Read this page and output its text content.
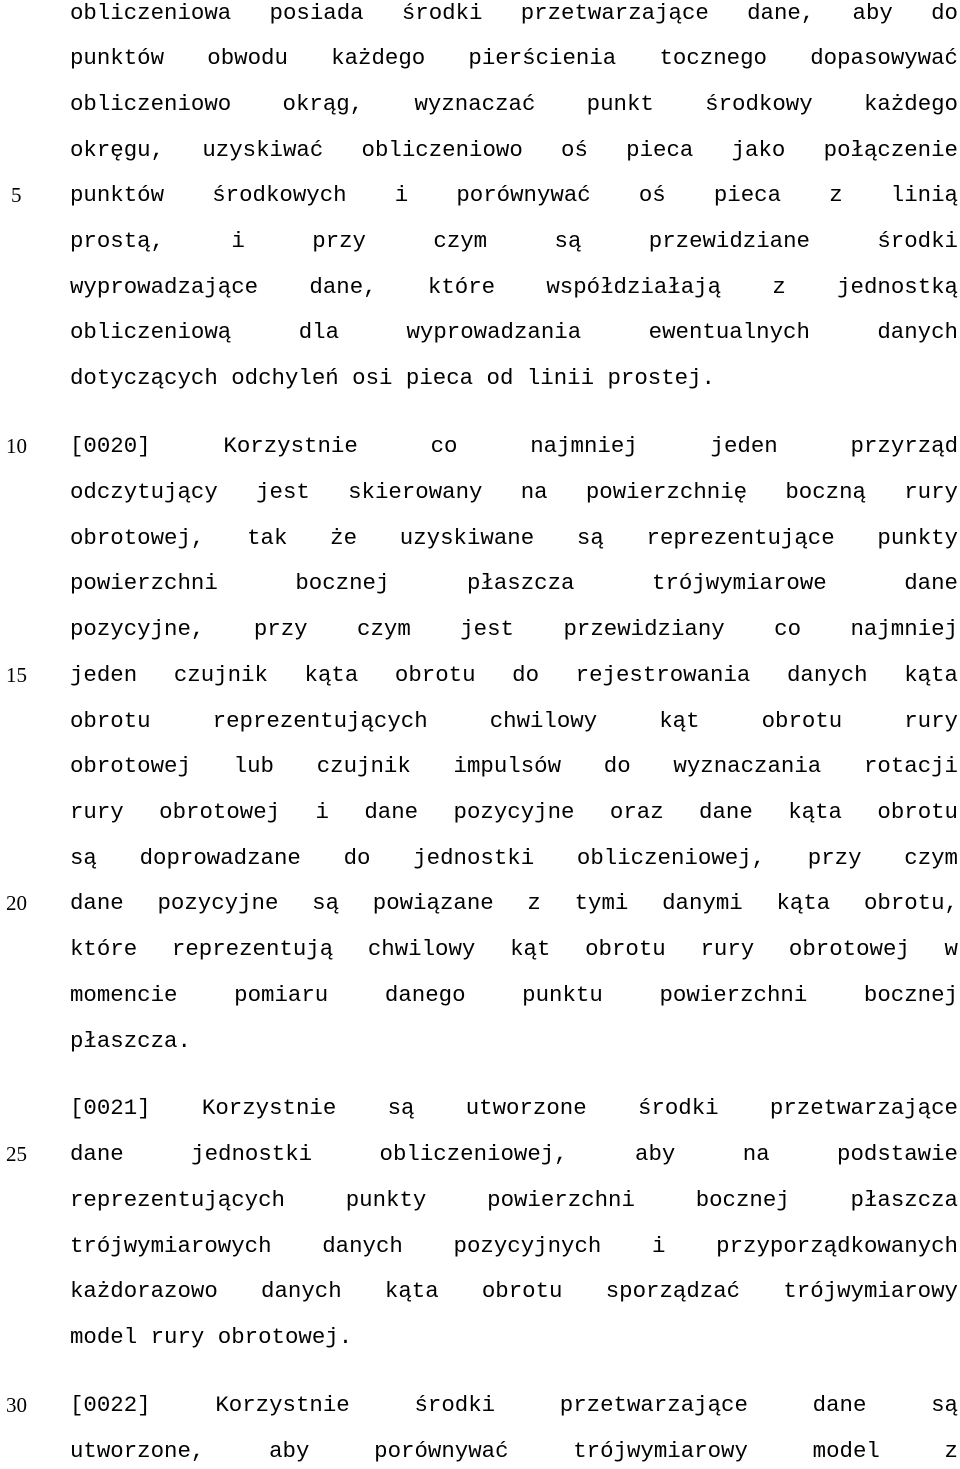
5
10
15
20
25
30
obliczeniowa posiada środki przetwarzające dane, aby do
punktów obwodu każdego pierścienia tocznego dopasowywać
obliczeniowo okrąg, wyznaczać punkt środkowy każdego
okręgu, uzyskiwać obliczeniowo oś pieca jako połączenie
punktów środkowych i porównywać oś pieca z linią
prostą, i przy czym są przewidziane środki
wyprowadzające dane, które współdziałają z jednostką
obliczeniową dla wyprowadzania ewentualnych danych
dotyczących odchyleń osi pieca od linii prostej.
[0020]	Korzystnie co najmniej jeden przyrząd
odczytujący jest skierowany na powierzchnię boczną rury
obrotowej, tak że uzyskiwane są reprezentujące punkty
powierzchni bocznej płaszcza trójwymiarowe dane
pozycyjne, przy czym jest przewidziany co najmniej
jeden czujnik kąta obrotu do rejestrowania danych kąta
obrotu reprezentujących chwilowy kąt obrotu rury
obrotowej lub czujnik impulsów do wyznaczania rotacji
rury obrotowej i dane pozycyjne oraz dane kąta obrotu
są doprowadzane do jednostki obliczeniowej, przy czym
dane pozycyjne są powiązane z tymi danymi kąta obrotu,
które reprezentują chwilowy kąt obrotu rury obrotowej w
momencie pomiaru danego punktu powierzchni bocznej
płaszcza.
[0021] Korzystnie są utworzone środki przetwarzające
dane jednostki obliczeniowej, aby na podstawie
reprezentujących punkty powierzchni bocznej płaszcza
trójwymiarowych danych pozycyjnych i przyporządkowanych
każdorazowo danych kąta obrotu sporządzać trójwymiarowy
model rury obrotowej.
[0022]	Korzystnie środki przetwarzające dane są
utworzone, aby porównywać trójwymiarowy model z
